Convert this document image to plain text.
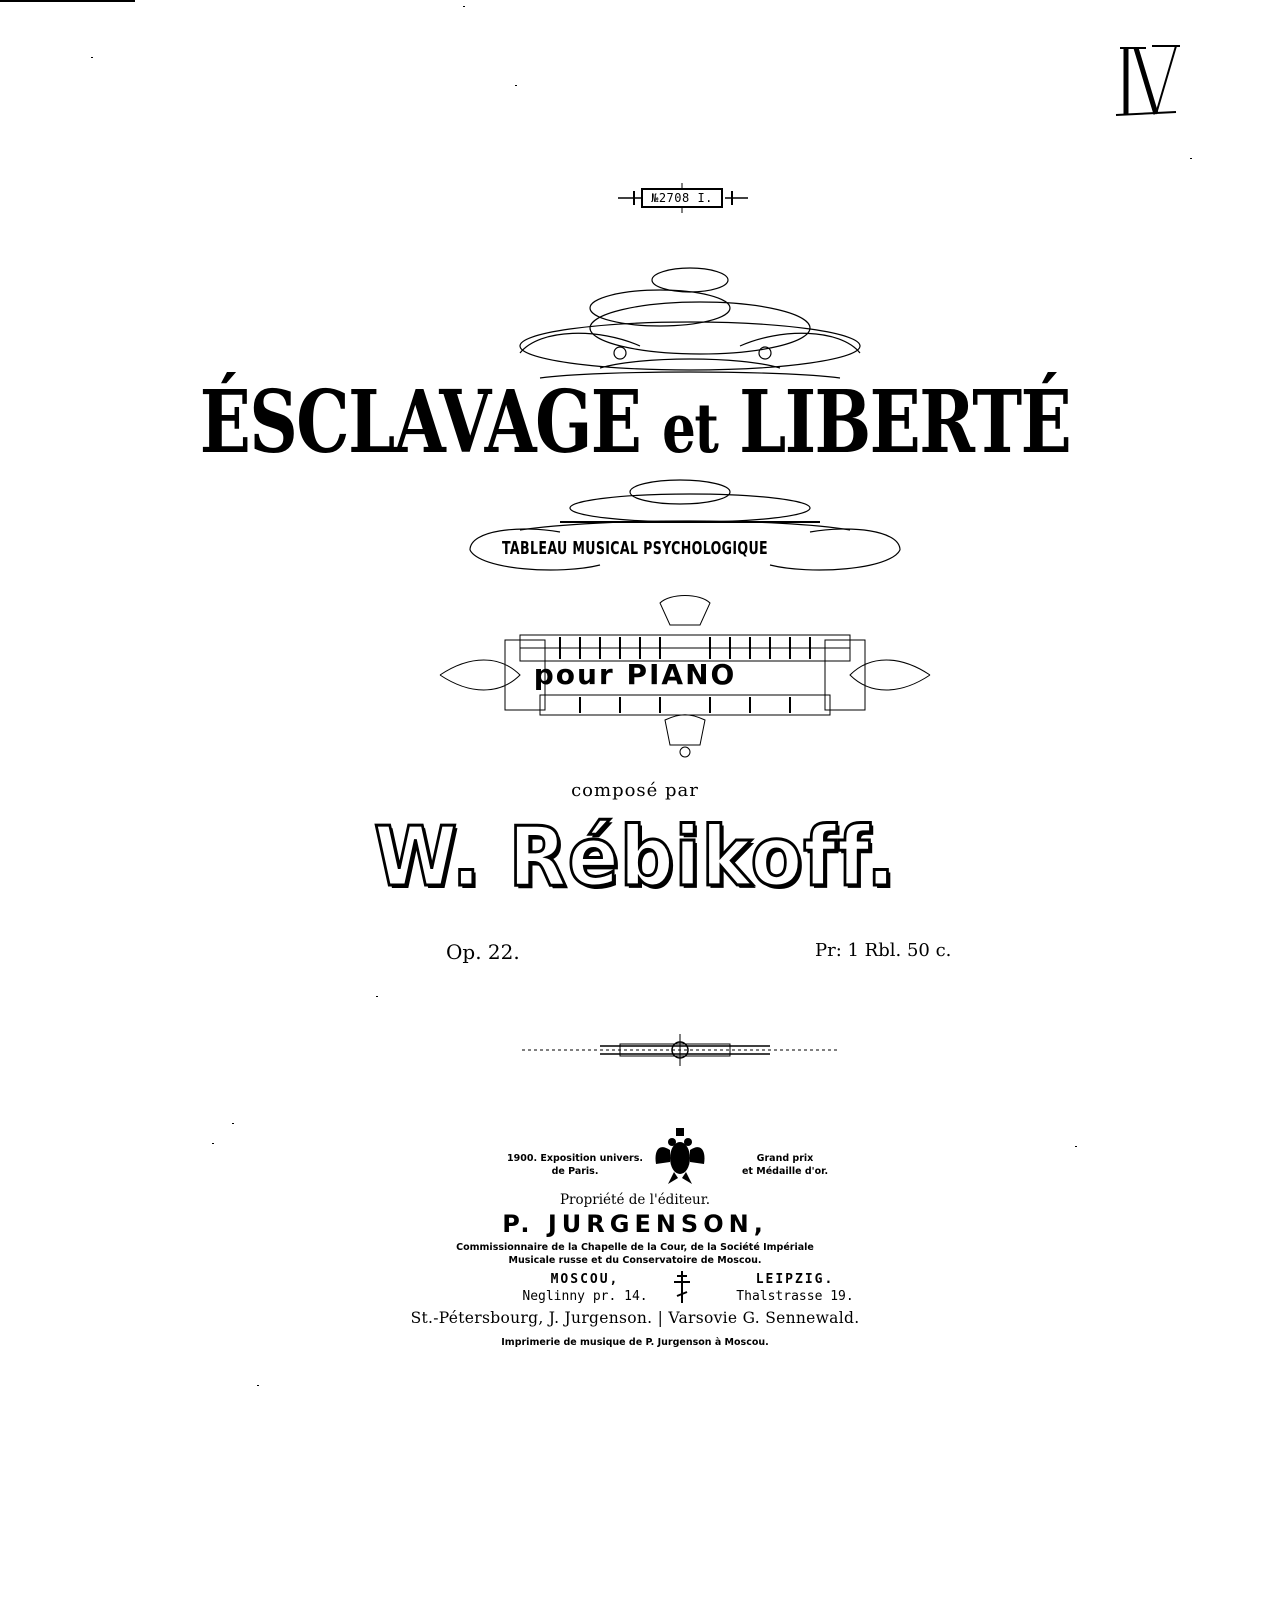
№2708 I.
ÉSCLAVAGE et LIBERTÉ
TABLEAU MUSICAL PSYCHOLOGIQUE
pour PIANO
composé par
W. Rébikoff.
Op. 22.	Pr: 1 Rbl. 50 c.
1900. Exposition univers.
de Paris.
Grand prix
et Médaille d'or.
Propriété de l'éditeur.
P. JURGENSON,
Commissionnaire de la Chapelle de la Cour, de la Société Impériale
Musicale russe et du Conservatoire de Moscou.
MOSCOU,
Neglinny pr. 14.
LEIPZIG.
Thalstrasse 19.
St.-Pétersbourg, J. Jurgenson. | Varsovie G. Sennewald.
Imprimerie de musique de P. Jurgenson à Moscou.
